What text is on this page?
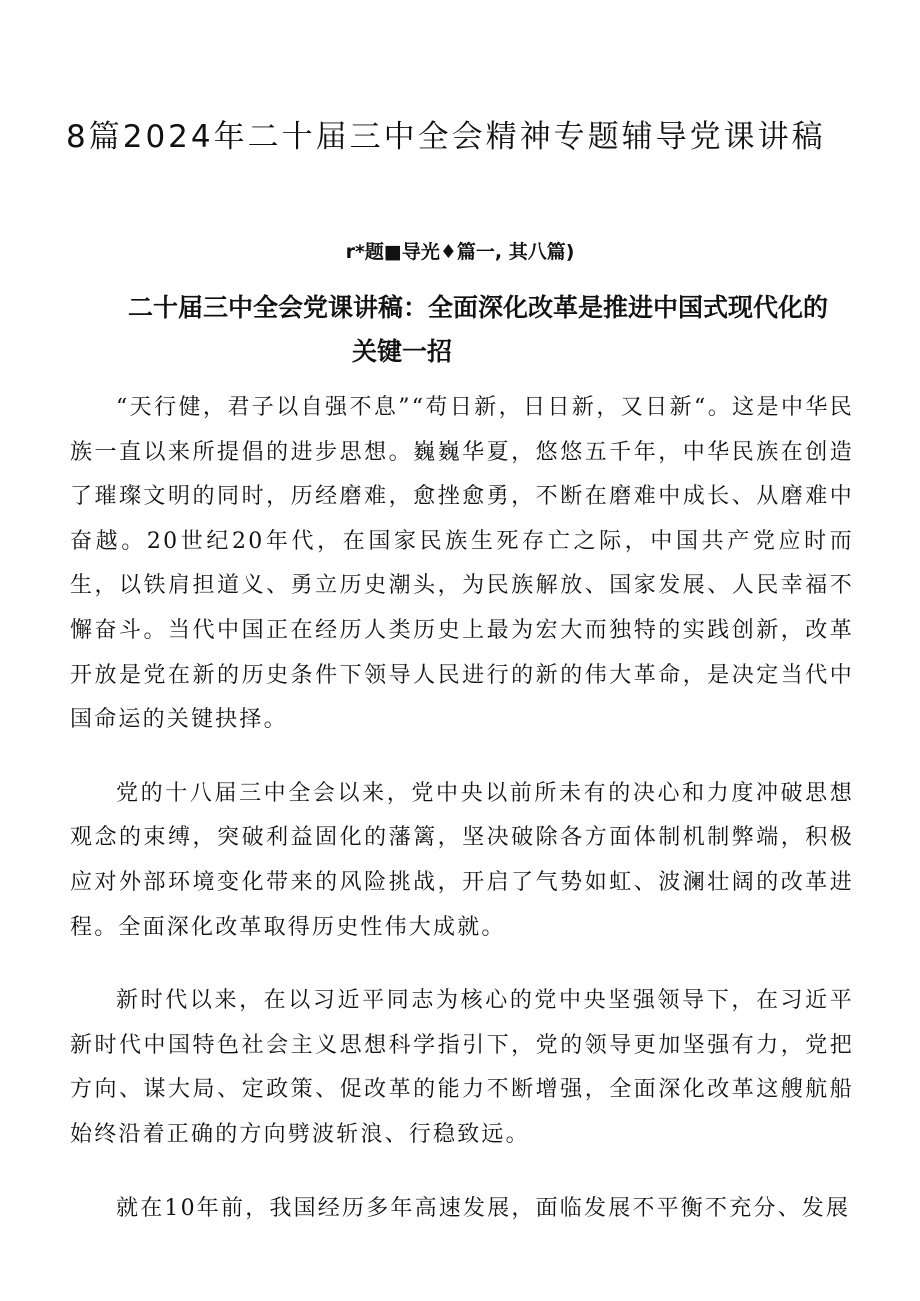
8篇2024年二十届三中全会精神专题辅导党课讲稿
r*题■导光♦篇一, 其八篇)
二十届三中全会党课讲稿：全面深化改革是推进中国式现代化的
关键一招

“天行健，君子以自强不息”“苟日新，日日新，又日新“。这是中华民族一直以来所提倡的进步思想。巍巍华夏，悠悠五千年，中华民族在创造了璀璨文明的同时，历经磨难，愈挫愈勇，不断在磨难中成长、从磨难中奋越。20世纪20年代，在国家民族生死存亡之际，中国共产党应时而生，以铁肩担道义、勇立历史潮头，为民族解放、国家发展、人民幸福不懈奋斗。当代中国正在经历人类历史上最为宏大而独特的实践创新，改革开放是党在新的历史条件下领导人民进行的新的伟大革命，是决定当代中国命运的关键抉择。

党的十八届三中全会以来，党中央以前所未有的决心和力度冲破思想观念的束缚，突破利益固化的藩篱，坚决破除各方面体制机制弊端，积极应对外部环境变化带来的风险挑战，开启了气势如虹、波澜壮阔的改革进程。全面深化改革取得历史性伟大成就。

新时代以来，在以习近平同志为核心的党中央坚强领导下，在习近平新时代中国特色社会主义思想科学指引下，党的领导更加坚强有力，党把方向、谋大局、定政策、促改革的能力不断增强，全面深化改革这艘航船始终沿着正确的方向劈波斩浪、行稳致远。

就在10年前，我国经历多年高速发展，面临发展不平衡不充分、发展
